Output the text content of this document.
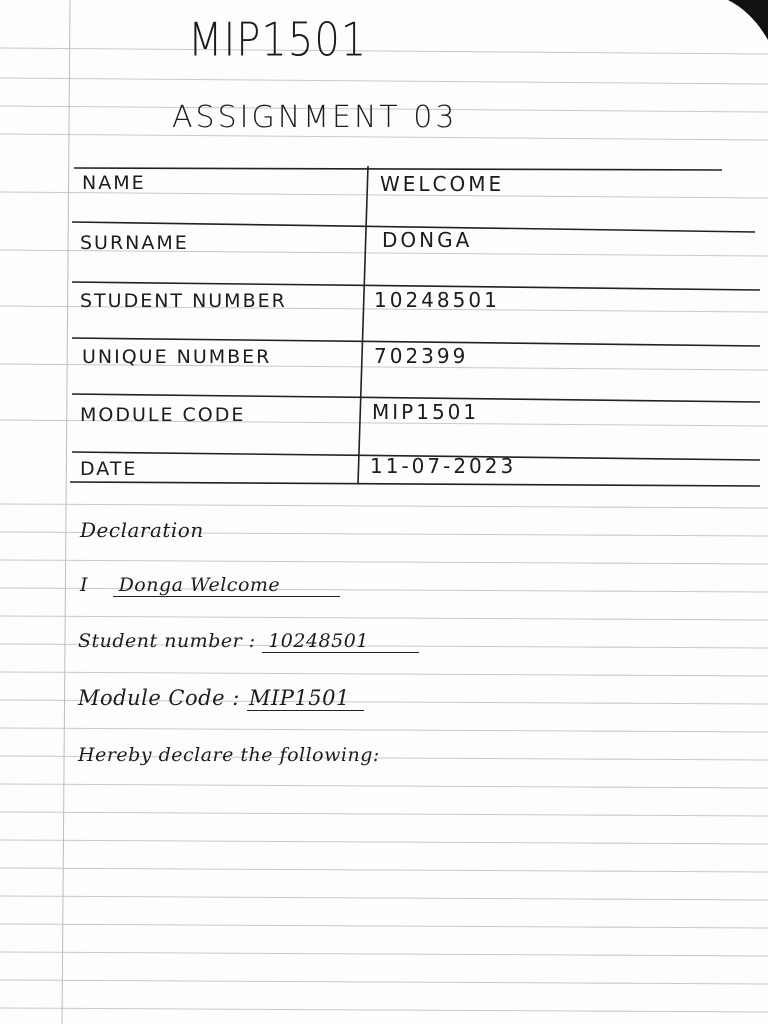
MIP1501
ASSIGNMENT 03
NAME	WELCOME
SURNAME	DONGA
STUDENT NUMBER	10248501
UNIQUE NUMBER	702399
MODULE CODE	MIP1501
DATE	11-07-2023
Declaration
I Donga Welcome
Student number : 10248501
Module Code : MIP1501
Hereby declare the following:
